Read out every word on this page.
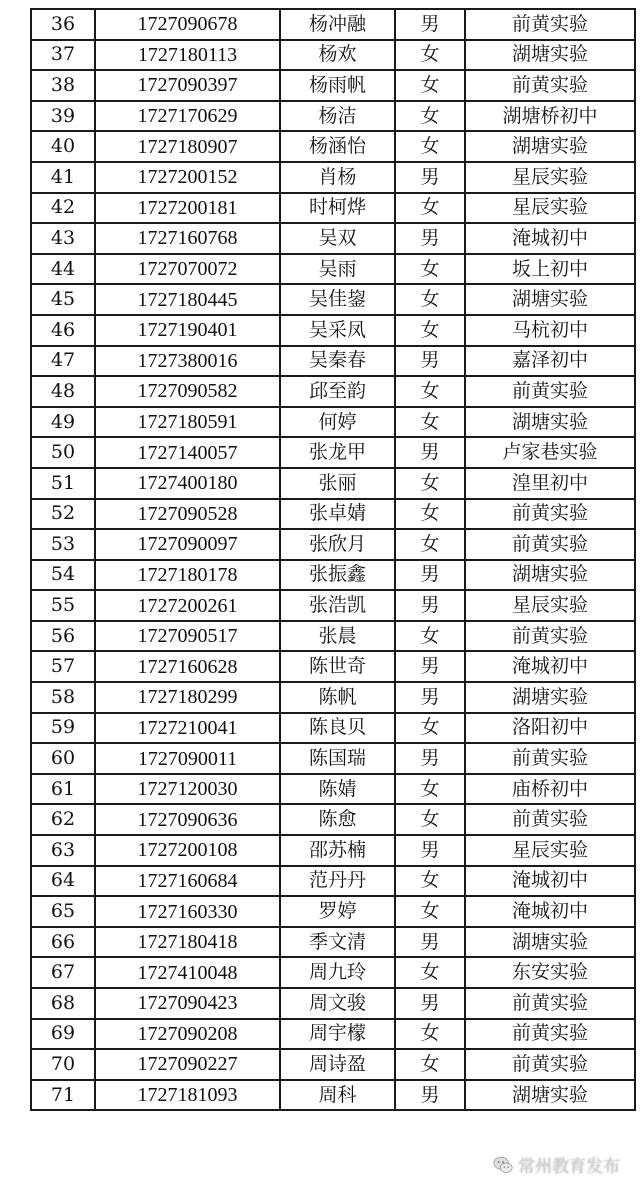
36	1727090678	杨冲融	男	前黄实验
37	1727180113	杨欢	女	湖塘实验
38	1727090397	杨雨帆	女	前黄实验
39	1727170629	杨洁	女	湖塘桥初中
40	1727180907	杨涵怡	女	湖塘实验
41	1727200152	肖杨	男	星辰实验
42	1727200181	时柯烨	女	星辰实验
43	1727160768	吴双	男	淹城初中
44	1727070072	吴雨	女	坂上初中
45	1727180445	吴佳鋆	女	湖塘实验
46	1727190401	吴采凤	女	马杭初中
47	1727380016	吴秦春	男	嘉泽初中
48	1727090582	邱至韵	女	前黄实验
49	1727180591	何婷	女	湖塘实验
50	1727140057	张龙甲	男	卢家巷实验
51	1727400180	张丽	女	湟里初中
52	1727090528	张卓婧	女	前黄实验
53	1727090097	张欣月	女	前黄实验
54	1727180178	张振鑫	男	湖塘实验
55	1727200261	张浩凯	男	星辰实验
56	1727090517	张晨	女	前黄实验
57	1727160628	陈世奇	男	淹城初中
58	1727180299	陈帆	男	湖塘实验
59	1727210041	陈良贝	女	洛阳初中
60	1727090011	陈国瑞	男	前黄实验
61	1727120030	陈婧	女	庙桥初中
62	1727090636	陈愈	女	前黄实验
63	1727200108	邵苏楠	男	星辰实验
64	1727160684	范丹丹	女	淹城初中
65	1727160330	罗婷	女	淹城初中
66	1727180418	季文清	男	湖塘实验
67	1727410048	周九玲	女	东安实验
68	1727090423	周文骏	男	前黄实验
69	1727090208	周宇檬	女	前黄实验
70	1727090227	周诗盈	女	前黄实验
71	1727181093	周科	男	湖塘实验
常州教育发布
